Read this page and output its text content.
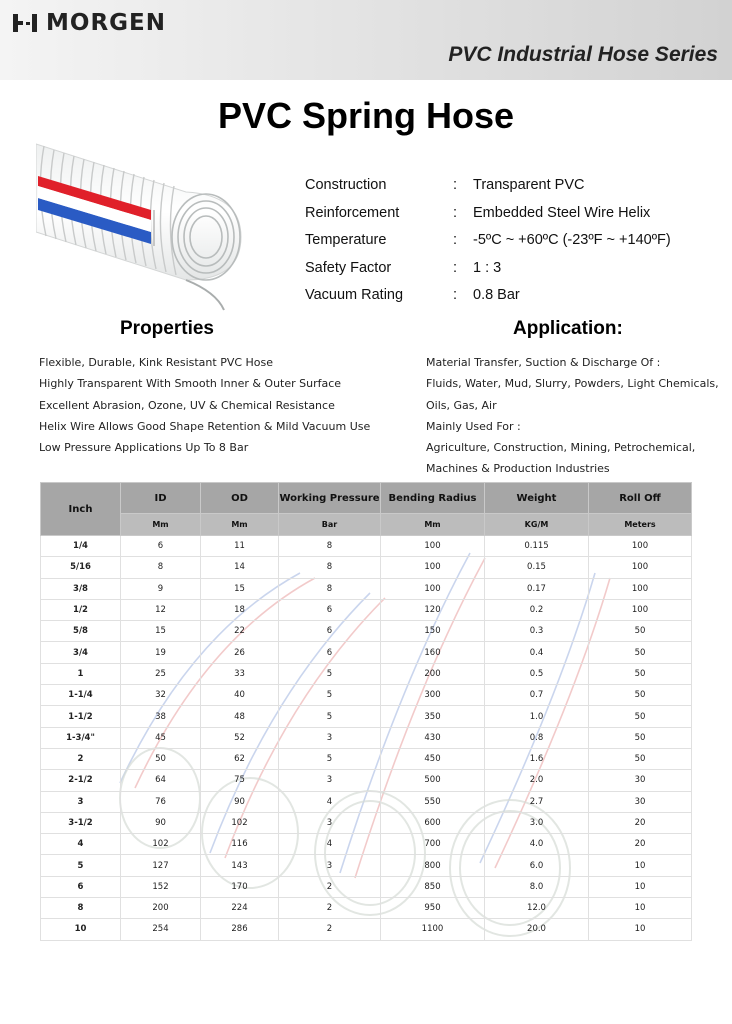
MORGEN
PVC Industrial Hose Series
PVC Spring Hose
Construction	: Transparent PVC
Reinforcement	: Embedded Steel Wire Helix
Temperature	: -5ºC ~ +60ºC (-23ºF ~ +140ºF)
Safety Factor	: 1 : 3
Vacuum Rating	: 0.8 Bar
Properties	Application:
Flexible, Durable, Kink Resistant PVC Hose
Highly Transparent With Smooth Inner & Outer Surface
Excellent Abrasion, Ozone, UV & Chemical Resistance
Helix Wire Allows Good Shape Retention & Mild Vacuum Use
Low Pressure Applications Up To 8 Bar
Material Transfer, Suction & Discharge Of :
Fluids, Water, Mud, Slurry, Powders, Light Chemicals,
Oils, Gas, Air
Mainly Used For :
Agriculture, Construction, Mining, Petrochemical,
Machines & Production Industries
Inch	ID	OD	Working Pressure	Bending Radius	Weight	Roll Off
	Mm	Mm	Bar	Mm	KG/M	Meters
1/4	6	11	8	100	0.115	100
5/16	8	14	8	100	0.15	100
3/8	9	15	8	100	0.17	100
1/2	12	18	6	120	0.2	100
5/8	15	22	6	150	0.3	50
3/4	19	26	6	160	0.4	50
1	25	33	5	200	0.5	50
1-1/4	32	40	5	300	0.7	50
1-1/2	38	48	5	350	1.0	50
1-3/4"	45	52	3	430	0.8	50
2	50	62	5	450	1.6	50
2-1/2	64	75	3	500	2.0	30
3	76	90	4	550	2.7	30
3-1/2	90	102	3	600	3.0	20
4	102	116	4	700	4.0	20
5	127	143	3	800	6.0	10
6	152	170	2	850	8.0	10
8	200	224	2	950	12.0	10
10	254	286	2	1100	20.0	10
